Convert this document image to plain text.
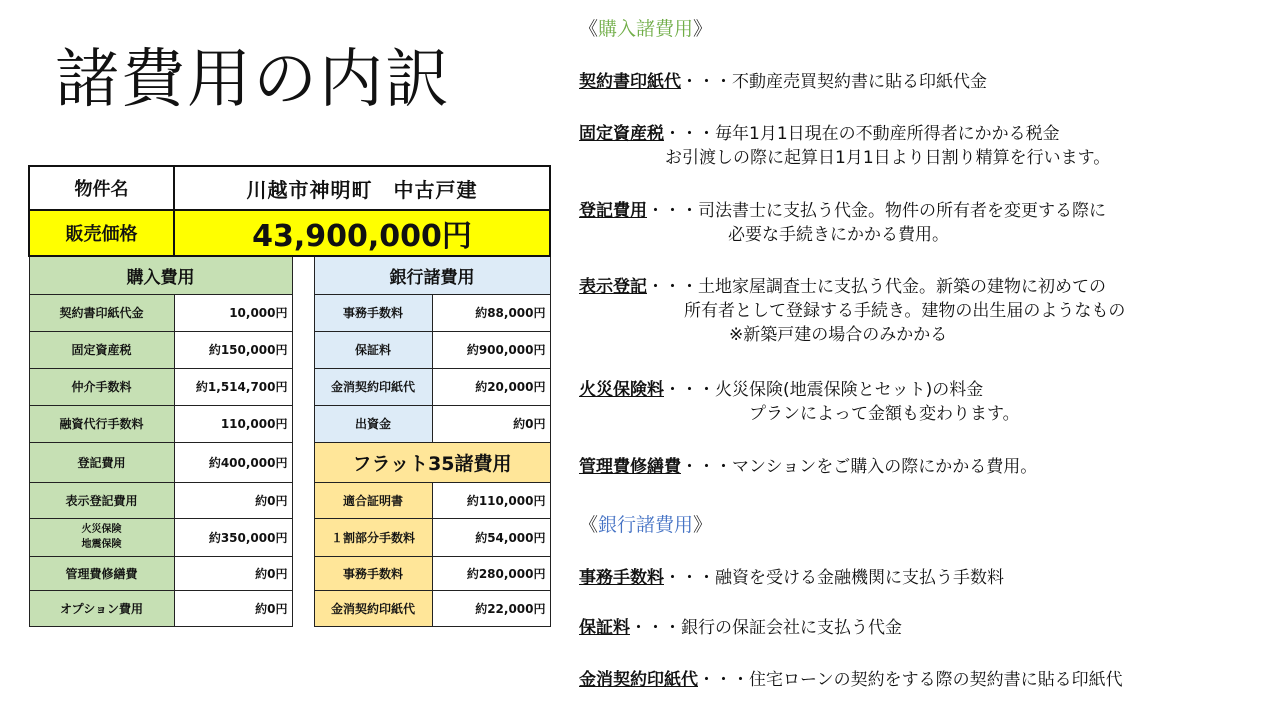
諸費用の内訳
物件名	川越市神明町　中古戸建			
販売価格	43,900,000円			
購入費用			銀行諸費用	
契約書印紙代金	10,000円		事務手数料	約88,000円
固定資産税	約150,000円		保証料	約900,000円
仲介手数料	約1,514,700円		金消契約印紙代	約20,000円
融資代行手数料	110,000円		出資金	約0円
登記費用	約400,000円		フラット35諸費用	
表示登記費用	約0円		適合証明書	約110,000円

火災保険
地震保険	約350,000円		１割部分手数料	約54,000円
管理費修繕費	約0円		事務手数料	約280,000円
オプション費用	約0円		金消契約印紙代	約22,000円
《購入諸費用》
契約書印紙代・・・不動産売買契約書に貼る印紙代金
固定資産税・・・毎年1月1日現在の不動産所得者にかかる税金
お引渡しの際に起算日1月1日より日割り精算を行います。
登記費用・・・司法書士に支払う代金。物件の所有者を変更する際に
必要な手続きにかかる費用。
表示登記・・・土地家屋調査士に支払う代金。新築の建物に初めての
所有者として登録する手続き。建物の出生届のようなもの
※新築戸建の場合のみかかる
火災保険料・・・火災保険(地震保険とセット)の料金
プランによって金額も変わります。
管理費修繕費・・・マンションをご購入の際にかかる費用。
《銀行諸費用》
事務手数料・・・融資を受ける金融機関に支払う手数料
保証料・・・銀行の保証会社に支払う代金
金消契約印紙代・・・住宅ローンの契約をする際の契約書に貼る印紙代
